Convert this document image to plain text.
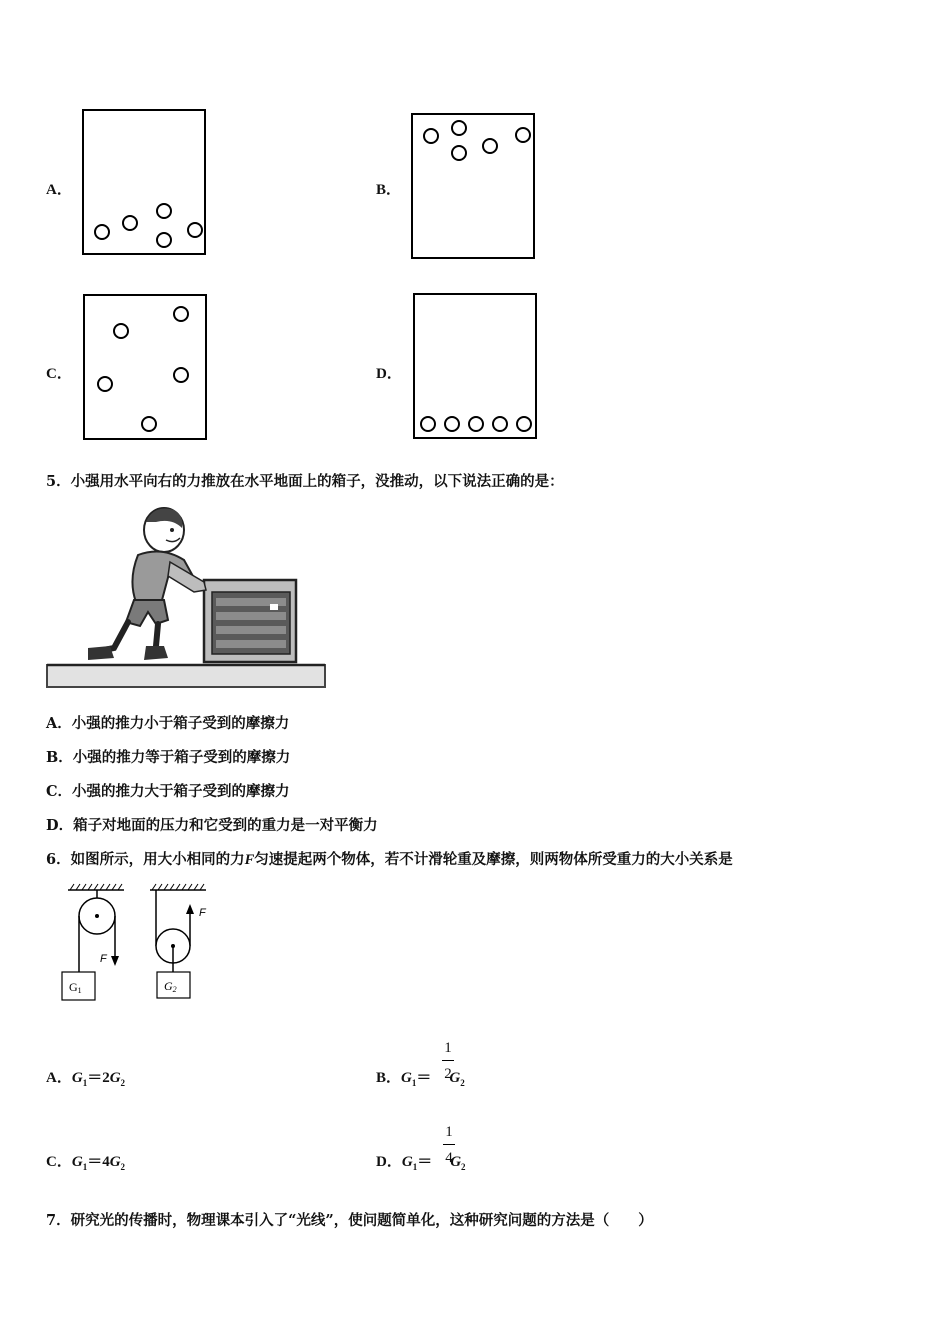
A．	B．
C．	D．
5．小强用水平向右的力推放在水平地面上的箱子，没推动，以下说法正确的是：
A．小强的推力小于箱子受到的摩擦力
B．小强的推力等于箱子受到的摩擦力
C．小强的推力大于箱子受到的摩擦力
D．箱子对地面的压力和它受到的重力是一对平衡力
6．如图所示，用大小相同的力F匀速提起两个物体，若不计滑轮重及摩擦，则两物体所受重力的大小关系是
F
G1
F
G2
A．$G_1=2G_2$	B．$G_1= G_2$
1
2
C．$G_1=4G_2$	D．$G_1= G_2$
1
4
7．研究光的传播时，物理课本引入了“光线”，使问题简单化，这种研究问题的方法是（　　）
